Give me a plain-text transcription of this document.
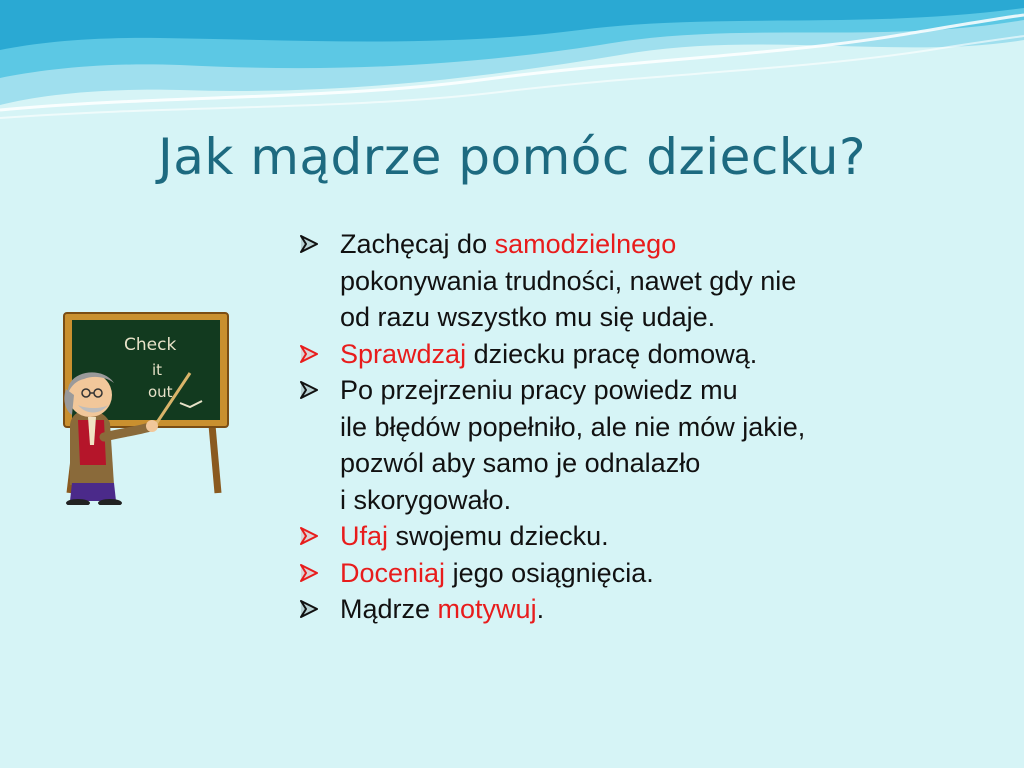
Jak mądrze pomóc dziecku?
Check
it
out
Zachęcaj do samodzielnego
pokonywania trudności, nawet gdy nie
od razu wszystko mu się udaje.
Sprawdzaj dziecku pracę domową.
Po przejrzeniu pracy powiedz mu
ile błędów popełniło, ale nie mów jakie,
pozwól aby samo je odnalazło
i skorygowało.
Ufaj swojemu dziecku.
Doceniaj jego osiągnięcia.
Mądrze motywuj.
